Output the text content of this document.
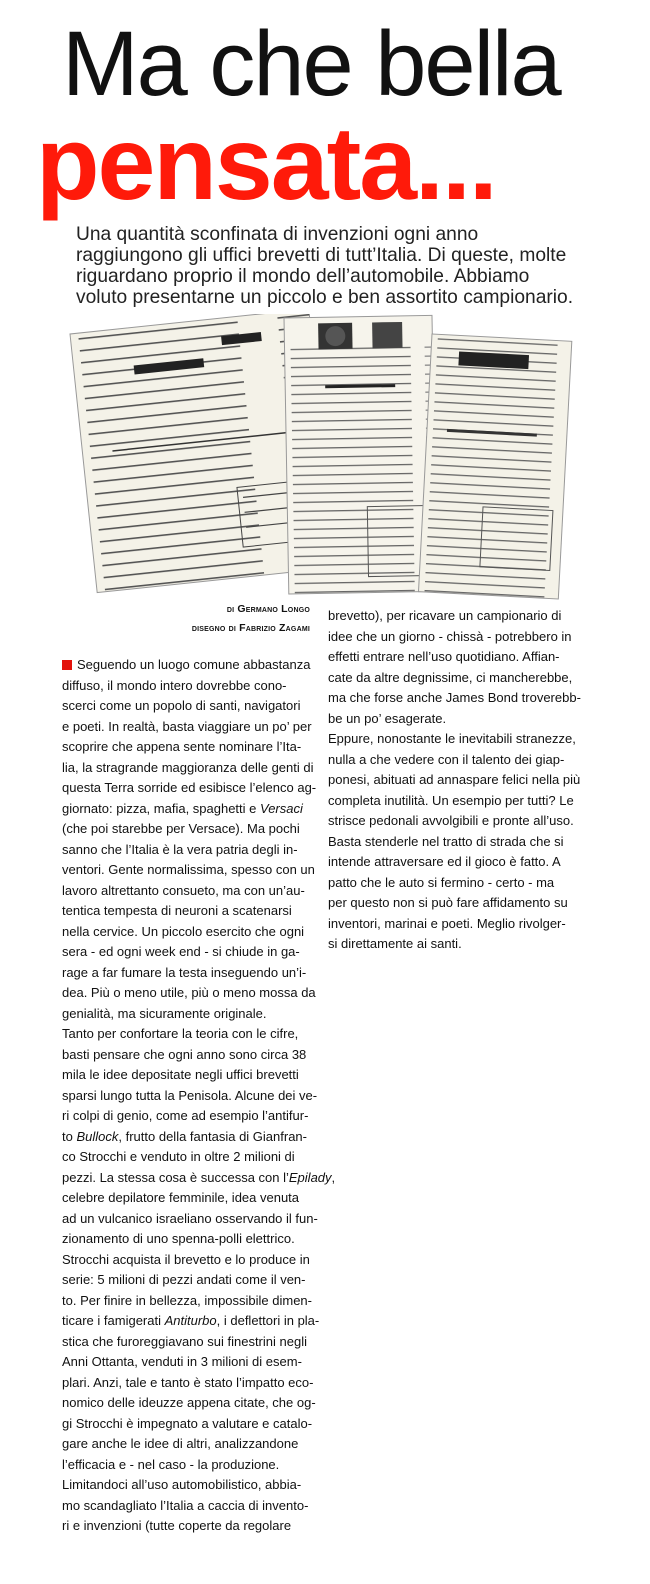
Ma che bella
pensata...

Una quantità sconfinata di invenzioni ogni anno

raggiungono gli uffici brevetti di tutt’Italia. Di queste, molte

riguardano proprio il mondo dell’automobile. Abbiamo

voluto presentarne un piccolo e ben assortito campionario.

di Germano Longo

disegno di Fabrizio Zagami

Seguendo un luogo comune abbastanza

diffuso, il mondo intero dovrebbe cono-

scerci come un popolo di santi, navigatori

e poeti. In realtà, basta viaggiare un po’ per

scoprire che appena sente nominare l’Ita-

lia, la stragrande maggioranza delle genti di

questa Terra sorride ed esibisce l’elenco ag-

giornato: pizza, mafia, spaghetti e Versaci

(che poi starebbe per Versace). Ma pochi

sanno che l’Italia è la vera patria degli in-

ventori. Gente normalissima, spesso con un

lavoro altrettanto consueto, ma con un’au-

tentica tempesta di neuroni a scatenarsi

nella cervice. Un piccolo esercito che ogni

sera - ed ogni week end - si chiude in ga-

rage a far fumare la testa inseguendo un’i-

dea. Più o meno utile, più o meno mossa da

genialità, ma sicuramente originale.

Tanto per confortare la teoria con le cifre,

basti pensare che ogni anno sono circa 38

mila le idee depositate negli uffici brevetti

sparsi lungo tutta la Penisola. Alcune dei ve-

ri colpi di genio, come ad esempio l’antifur-

to Bullock, frutto della fantasia di Gianfran-

co Strocchi e venduto in oltre 2 milioni di

pezzi. La stessa cosa è successa con l’Epilady,

celebre depilatore femminile, idea venuta

ad un vulcanico israeliano osservando il fun-

zionamento di uno spenna-polli elettrico.

Strocchi acquista il brevetto e lo produce in

serie: 5 milioni di pezzi andati come il ven-

to. Per finire in bellezza, impossibile dimen-

ticare i famigerati Antiturbo, i deflettori in pla-

stica che furoreggiavano sui finestrini negli

Anni Ottanta, venduti in 3 milioni di esem-

plari. Anzi, tale e tanto è stato l’impatto eco-

nomico delle ideuzze appena citate, che og-

gi Strocchi è impegnato a valutare e catalo-

gare anche le idee di altri, analizzandone

l’efficacia e - nel caso - la produzione.

Limitandoci all’uso automobilistico, abbia-

mo scandagliato l’Italia a caccia di invento-

ri e invenzioni (tutte coperte da regolare

brevetto), per ricavare un campionario di

idee che un giorno - chissà - potrebbero in

effetti entrare nell’uso quotidiano. Affian-

cate da altre degnissime, ci mancherebbe,

ma che forse anche James Bond troverebb-

be un po’ esagerate.

Eppure, nonostante le inevitabili stranezze,

nulla a che vedere con il talento dei giap-

ponesi, abituati ad annaspare felici nella più

completa inutilità. Un esempio per tutti? Le

strisce pedonali avvolgibili e pronte all’uso.

Basta stenderle nel tratto di strada che si

intende attraversare ed il gioco è fatto. A

patto che le auto si fermino - certo - ma

per questo non si può fare affidamento su

inventori, marinai e poeti. Meglio rivolger-

si direttamente ai santi.
